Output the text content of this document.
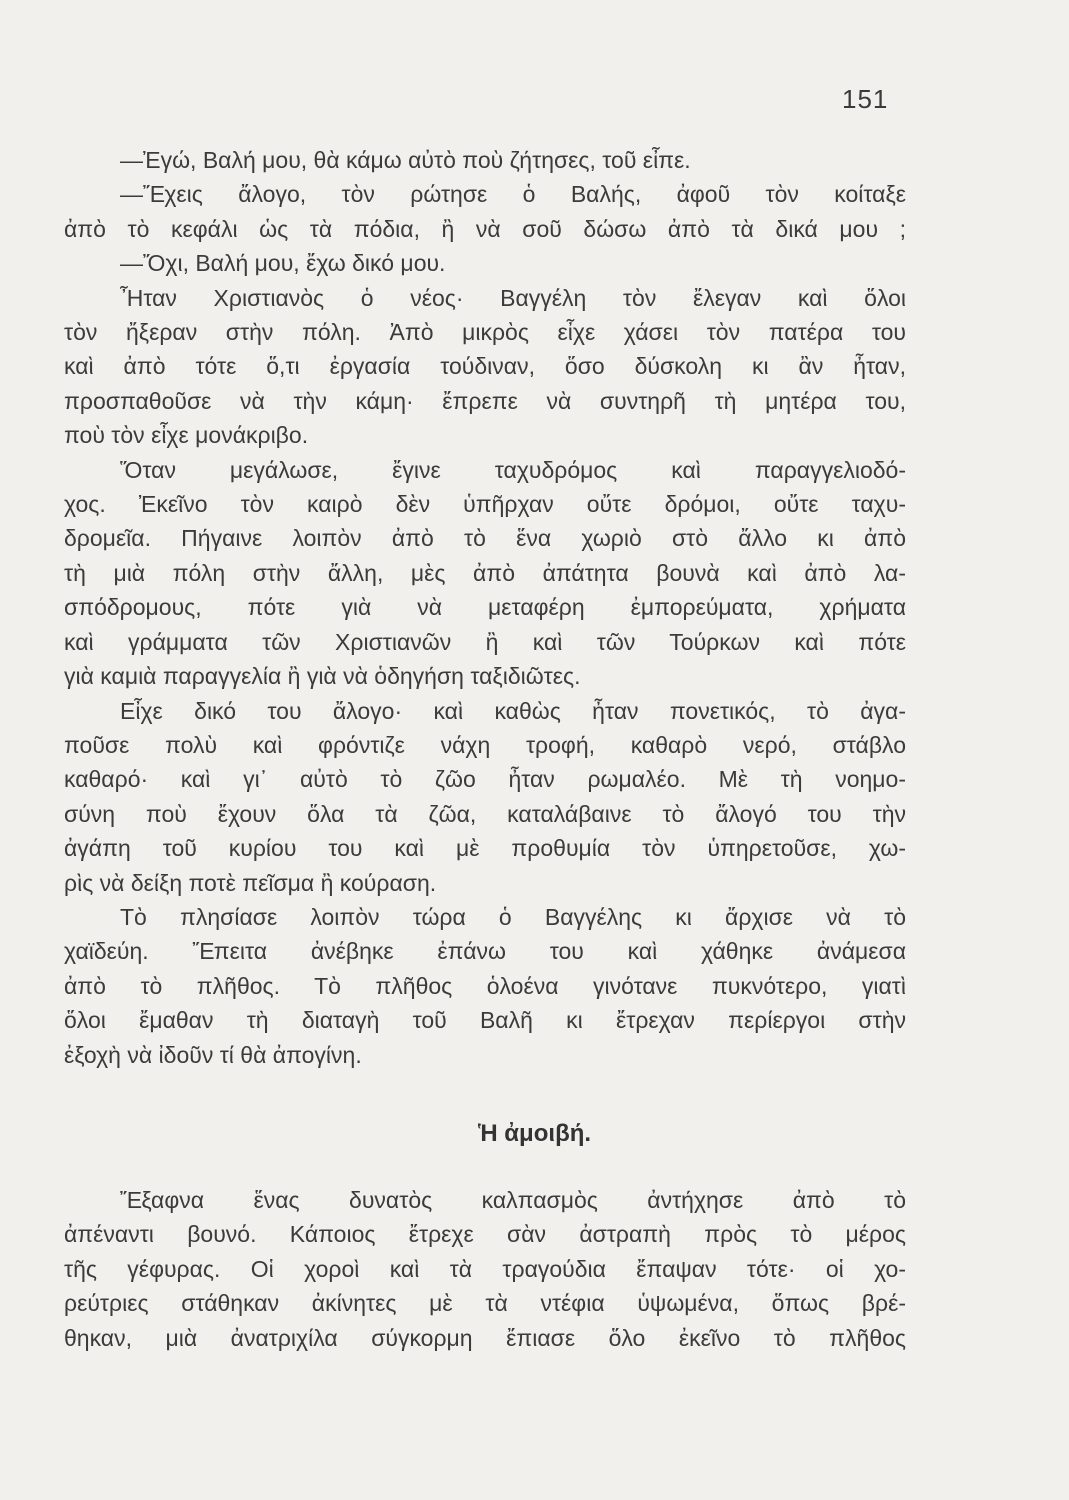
151
—Ἐγώ, Βαλή μου, θὰ κάμω αὐτὸ ποὺ ζήτησες, τοῦ εἶπε.
—Ἔχεις ἄλογο, τὸν ρώτησε ὁ Βαλής, ἀφοῦ τὸν κοίταξε
ἀπὸ τὸ κεφάλι ὡς τὰ πόδια, ἢ νὰ σοῦ δώσω ἀπὸ τὰ δικά μου ;
—Ὄχι, Βαλή μου, ἔχω δικό μου.
Ἦταν Χριστιανὸς ὁ νέος· Βαγγέλη τὸν ἔλεγαν καὶ ὅλοι
τὸν ἤξεραν στὴν πόλη. Ἀπὸ μικρὸς εἶχε χάσει τὸν πατέρα του
καὶ ἀπὸ τότε ὅ,τι ἐργασία τούδιναν, ὅσο δύσκολη κι ἂν ἦταν,
προσπαθοῦσε νὰ τὴν κάμη· ἔπρεπε νὰ συντηρῆ τὴ μητέρα του,
ποὺ τὸν εἶχε μονάκριβο.
Ὅταν μεγάλωσε, ἔγινε ταχυδρόμος καὶ παραγγελιοδό-
χος. Ἐκεῖνο τὸν καιρὸ δὲν ὑπῆρχαν οὔτε δρόμοι, οὔτε ταχυ-
δρομεῖα. Πήγαινε λοιπὸν ἀπὸ τὸ ἕνα χωριὸ στὸ ἄλλο κι ἀπὸ
τὴ μιὰ πόλη στὴν ἄλλη, μὲς ἀπὸ ἀπάτητα βουνὰ καὶ ἀπὸ λα-
σπόδρομους, πότε γιὰ νὰ μεταφέρη ἐμπορεύματα, χρήματα
καὶ γράμματα τῶν Χριστιανῶν ἢ καὶ τῶν Τούρκων καὶ πότε
γιὰ καμιὰ παραγγελία ἢ γιὰ νὰ ὁδηγήση ταξιδιῶτες.
Εἶχε δικό του ἄλογο· καὶ καθὼς ἦταν πονετικός, τὸ ἀγα-
ποῦσε πολὺ καὶ φρόντιζε νάχη τροφή, καθαρὸ νερό, στάβλο
καθαρό· καὶ γι᾽ αὐτὸ τὸ ζῶο ἦταν ρωμαλέο. Μὲ τὴ νοημο-
σύνη ποὺ ἔχουν ὅλα τὰ ζῶα, καταλάβαινε τὸ ἄλογό του τὴν
ἀγάπη τοῦ κυρίου του καὶ μὲ προθυμία τὸν ὑπηρετοῦσε, χω-
ρὶς νὰ δείξη ποτὲ πεῖσμα ἢ κούραση.
Τὸ πλησίασε λοιπὸν τώρα ὁ Βαγγέλης κι ἄρχισε νὰ τὸ
χαϊδεύη. Ἔπειτα ἀνέβηκε ἐπάνω του καὶ χάθηκε ἀνάμεσα
ἀπὸ τὸ πλῆθος. Τὸ πλῆθος ὁλοένα γινότανε πυκνότερο, γιατὶ
ὅλοι ἔμαθαν τὴ διαταγὴ τοῦ Βαλῆ κι ἔτρεχαν περίεργοι στὴν
ἐξοχὴ νὰ ἰδοῦν τί θὰ ἀπογίνη.
Ἡ ἀμοιβή.
Ἔξαφνα ἕνας δυνατὸς καλπασμὸς ἀντήχησε ἀπὸ τὸ
ἀπέναντι βουνό. Κάποιος ἔτρεχε σὰν ἀστραπὴ πρὸς τὸ μέρος
τῆς γέφυρας. Οἱ χοροὶ καὶ τὰ τραγούδια ἔπαψαν τότε· οἱ χο-
ρεύτριες στάθηκαν ἀκίνητες μὲ τὰ ντέφια ὑψωμένα, ὅπως βρέ-
θηκαν, μιὰ ἀνατριχίλα σύγκορμη ἔπιασε ὅλο ἐκεῖνο τὸ πλῆθος
